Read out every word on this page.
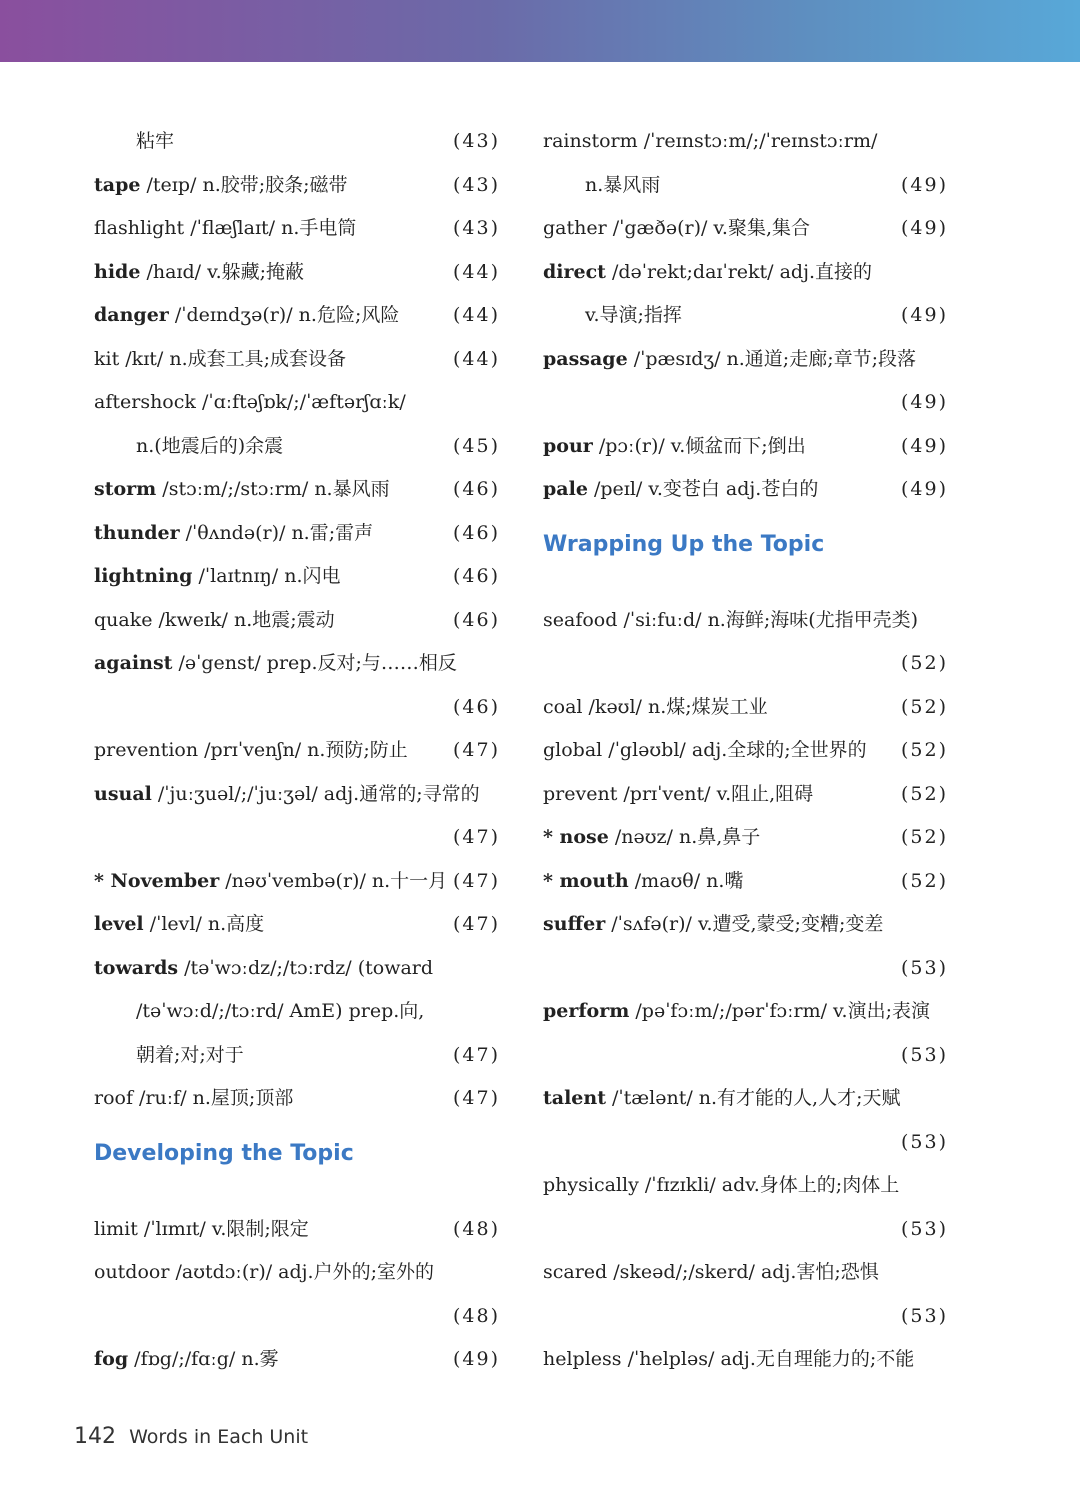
粘牢	(43)
tape /teɪp/ n.胶带;胶条;磁带	(43)
flashlight /ˈflæʃlaɪt/ n.手电筒	(43)
hide /haɪd/ v.躲藏;掩蔽	(44)
danger /ˈdeɪndʒə(r)/ n.危险;风险	(44)
kit /kɪt/ n.成套工具;成套设备	(44)
aftershock /ˈɑːftəʃɒk/;/ˈæftərʃɑːk/
n.(地震后的)余震	(45)
storm /stɔːm/;/stɔːrm/ n.暴风雨	(46)
thunder /ˈθʌndə(r)/ n.雷;雷声	(46)
lightning /ˈlaɪtnɪŋ/ n.闪电	(46)
quake /kweɪk/ n.地震;震动	(46)
against /əˈgenst/ prep.反对;与……相反
(46)
prevention /prɪˈvenʃn/ n.预防;防止 (47)
usual /ˈjuːʒuəl/;/ˈjuːʒəl/ adj.通常的;寻常的
(47)
* November /nəʊˈvembə(r)/ n.十一月 (47)
level /ˈlevl/ n.高度	(47)
towards /təˈwɔːdz/;/tɔːrdz/ (toward
/təˈwɔːd/;/tɔːrd/ AmE) prep.向,
朝着;对;对于	(47)
roof /ruːf/ n.屋顶;顶部	(47)
Developing the Topic
limit /ˈlɪmɪt/ v.限制;限定	(48)
outdoor /aʊtdɔː(r)/ adj.户外的;室外的
(48)
fog /fɒg/;/fɑːg/ n.雾	(49)
rainstorm /ˈreɪnstɔːm/;/ˈreɪnstɔːrm/
n.暴风雨	(49)
gather /ˈgæðə(r)/ v.聚集,集合	(49)
direct /dəˈrekt;daɪˈrekt/ adj.直接的
v.导演;指挥	(49)
passage /ˈpæsɪdʒ/ n.通道;走廊;章节;段落
(49)
pour /pɔː(r)/ v.倾盆而下;倒出	(49)
pale /peɪl/ v.变苍白 adj.苍白的	(49)
Wrapping Up the Topic
seafood /ˈsiːfuːd/ n.海鲜;海味(尤指甲壳类)
(52)
coal /kəʊl/ n.煤;煤炭工业	(52)
global /ˈgləʊbl/ adj.全球的;全世界的 (52)
prevent /prɪˈvent/ v.阻止,阻碍	(52)
* nose /nəʊz/ n.鼻,鼻子	(52)
* mouth /maʊθ/ n.嘴	(52)
suffer /ˈsʌfə(r)/ v.遭受,蒙受;变糟;变差
(53)
perform /pəˈfɔːm/;/pərˈfɔːrm/ v.演出;表演
(53)
talent /ˈtælənt/ n.有才能的人,人才;天赋
(53)
physically /ˈfɪzɪkli/ adv.身体上的;肉体上
(53)
scared /skeəd/;/skerd/ adj.害怕;恐惧
(53)
helpless /ˈhelpləs/ adj.无自理能力的;不能
142 Words in Each Unit
